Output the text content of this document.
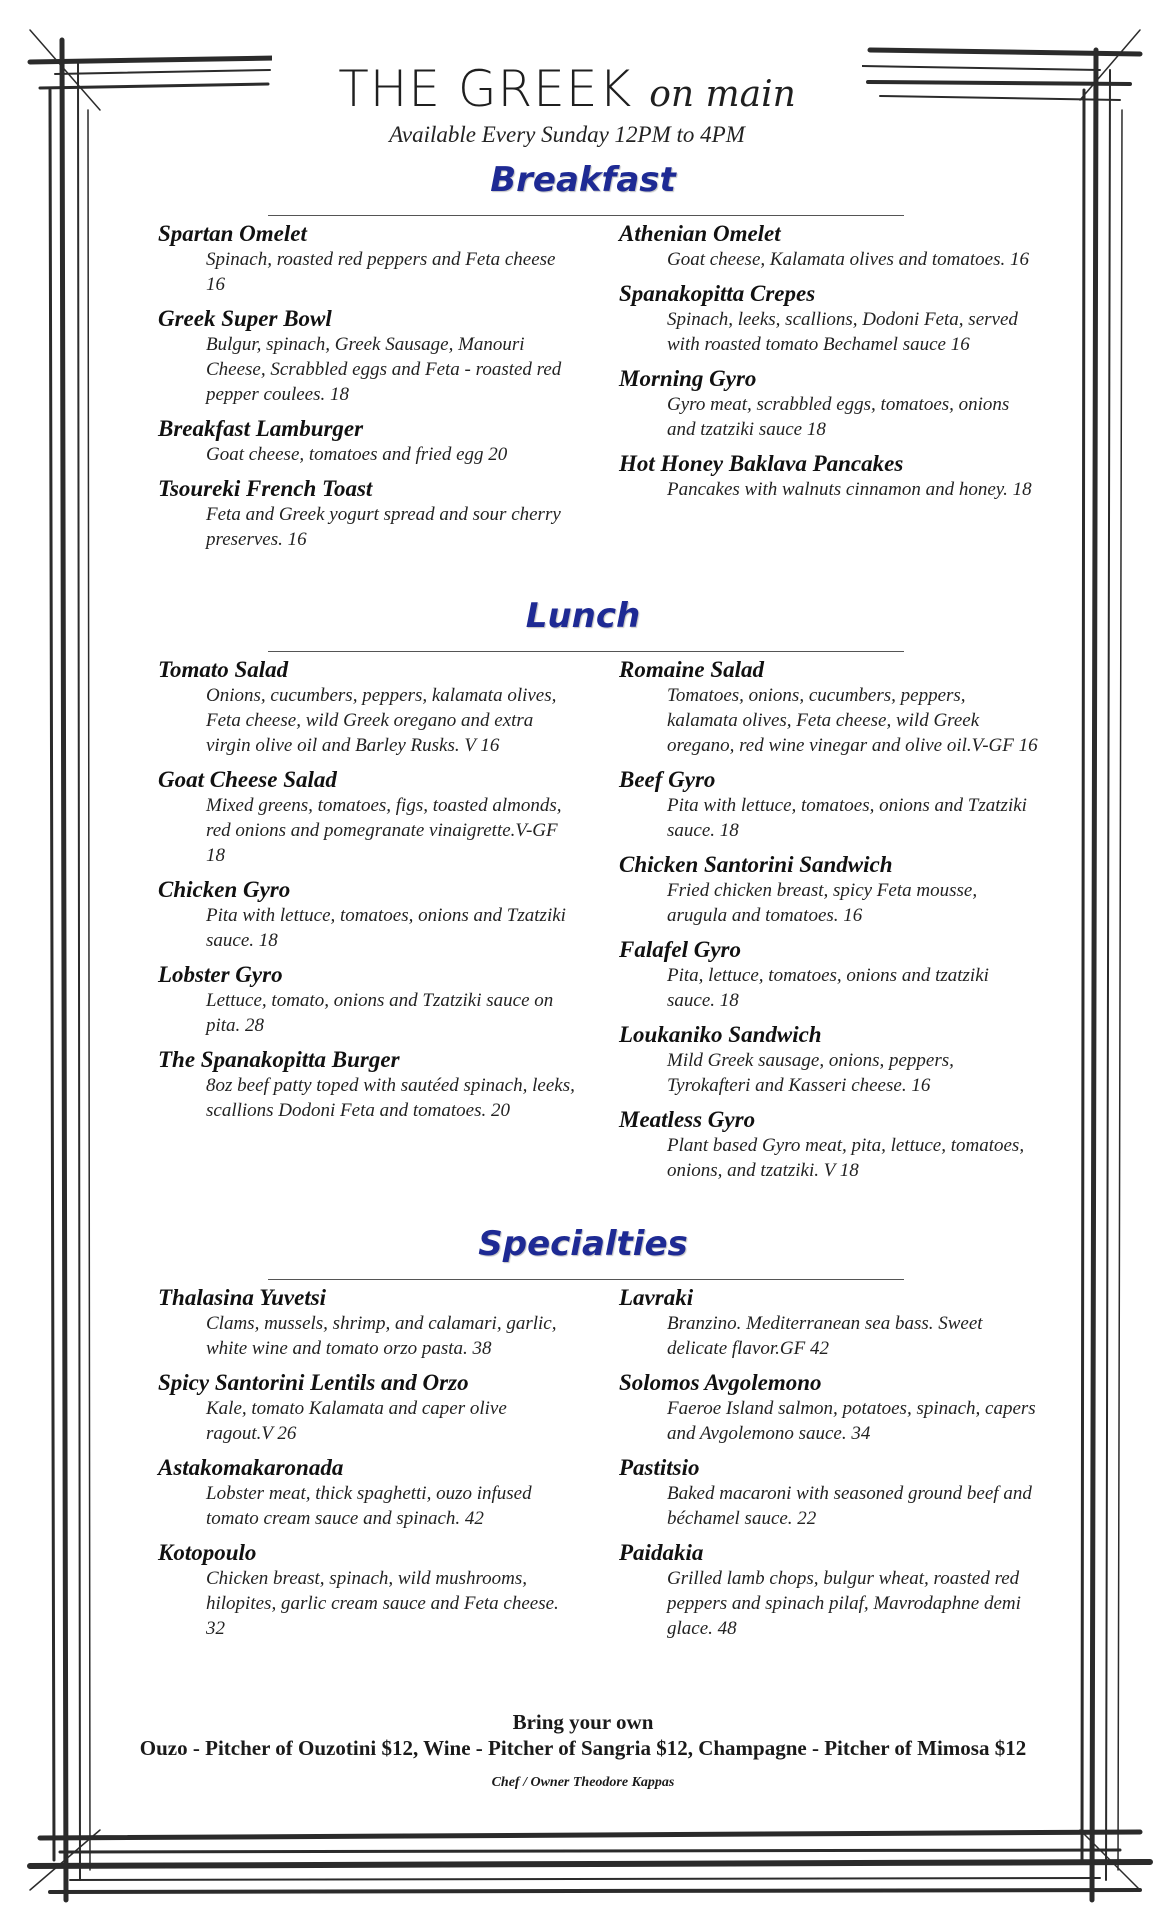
THE GREEK on main
Available Every Sunday 12PM to 4PM
Breakfast
Spartan Omelet
Spinach, roasted red peppers and Feta cheese 16
Greek Super Bowl
Bulgur, spinach, Greek Sausage, Manouri Cheese, Scrabbled eggs and Feta - roasted red pepper coulees. 18
Breakfast Lamburger
Goat cheese, tomatoes and fried egg 20
Tsoureki French Toast
Feta and Greek yogurt spread and sour cherry preserves. 16
Athenian Omelet
Goat cheese, Kalamata olives and tomatoes. 16
Spanakopitta Crepes
Spinach, leeks, scallions, Dodoni Feta, served with roasted tomato Bechamel sauce 16
Morning Gyro
Gyro meat, scrabbled eggs, tomatoes, onions and tzatziki sauce 18
Hot Honey Baklava Pancakes
Pancakes with walnuts cinnamon and honey. 18
Lunch
Tomato Salad
Onions, cucumbers, peppers, kalamata olives, Feta cheese, wild Greek oregano and extra virgin olive oil and Barley Rusks. V 16
Goat Cheese Salad
Mixed greens, tomatoes, figs, toasted almonds, red onions and pomegranate vinaigrette.V-GF 18
Chicken Gyro
Pita with lettuce, tomatoes, onions and Tzatziki sauce. 18
Lobster Gyro
Lettuce, tomato, onions and Tzatziki sauce on pita. 28
The Spanakopitta Burger
8oz beef patty toped with sautéed spinach, leeks, scallions Dodoni Feta and tomatoes. 20
Romaine Salad
Tomatoes, onions, cucumbers, peppers, kalamata olives, Feta cheese, wild Greek oregano, red wine vinegar and olive oil.V-GF 16
Beef Gyro
Pita with lettuce, tomatoes, onions and Tzatziki sauce. 18
Chicken Santorini Sandwich
Fried chicken breast, spicy Feta mousse, arugula and tomatoes. 16
Falafel Gyro
Pita, lettuce, tomatoes, onions and tzatziki sauce. 18
Loukaniko Sandwich
Mild Greek sausage, onions, peppers, Tyrokafteri and Kasseri cheese. 16
Meatless Gyro
Plant based Gyro meat, pita, lettuce, tomatoes, onions, and tzatziki. V 18
Specialties
Thalasina Yuvetsi
Clams, mussels, shrimp, and calamari, garlic, white wine and tomato orzo pasta. 38
Spicy Santorini Lentils and Orzo
Kale, tomato Kalamata and caper olive ragout.V 26
Astakomakaronada
Lobster meat, thick spaghetti, ouzo infused tomato cream sauce and spinach. 42
Kotopoulo
Chicken breast, spinach, wild mushrooms, hilopites, garlic cream sauce and Feta cheese. 32
Lavraki
Branzino. Mediterranean sea bass. Sweet delicate flavor.GF 42
Solomos Avgolemono
Faeroe Island salmon, potatoes, spinach, capers and Avgolemono sauce. 34
Pastitsio
Baked macaroni with seasoned ground beef and béchamel sauce. 22
Paidakia
Grilled lamb chops, bulgur wheat, roasted red peppers and spinach pilaf, Mavrodaphne demi glace. 48
Bring your own
Ouzo - Pitcher of Ouzotini $12, Wine - Pitcher of Sangria $12, Champagne - Pitcher of Mimosa $12
Chef / Owner Theodore Kappas
